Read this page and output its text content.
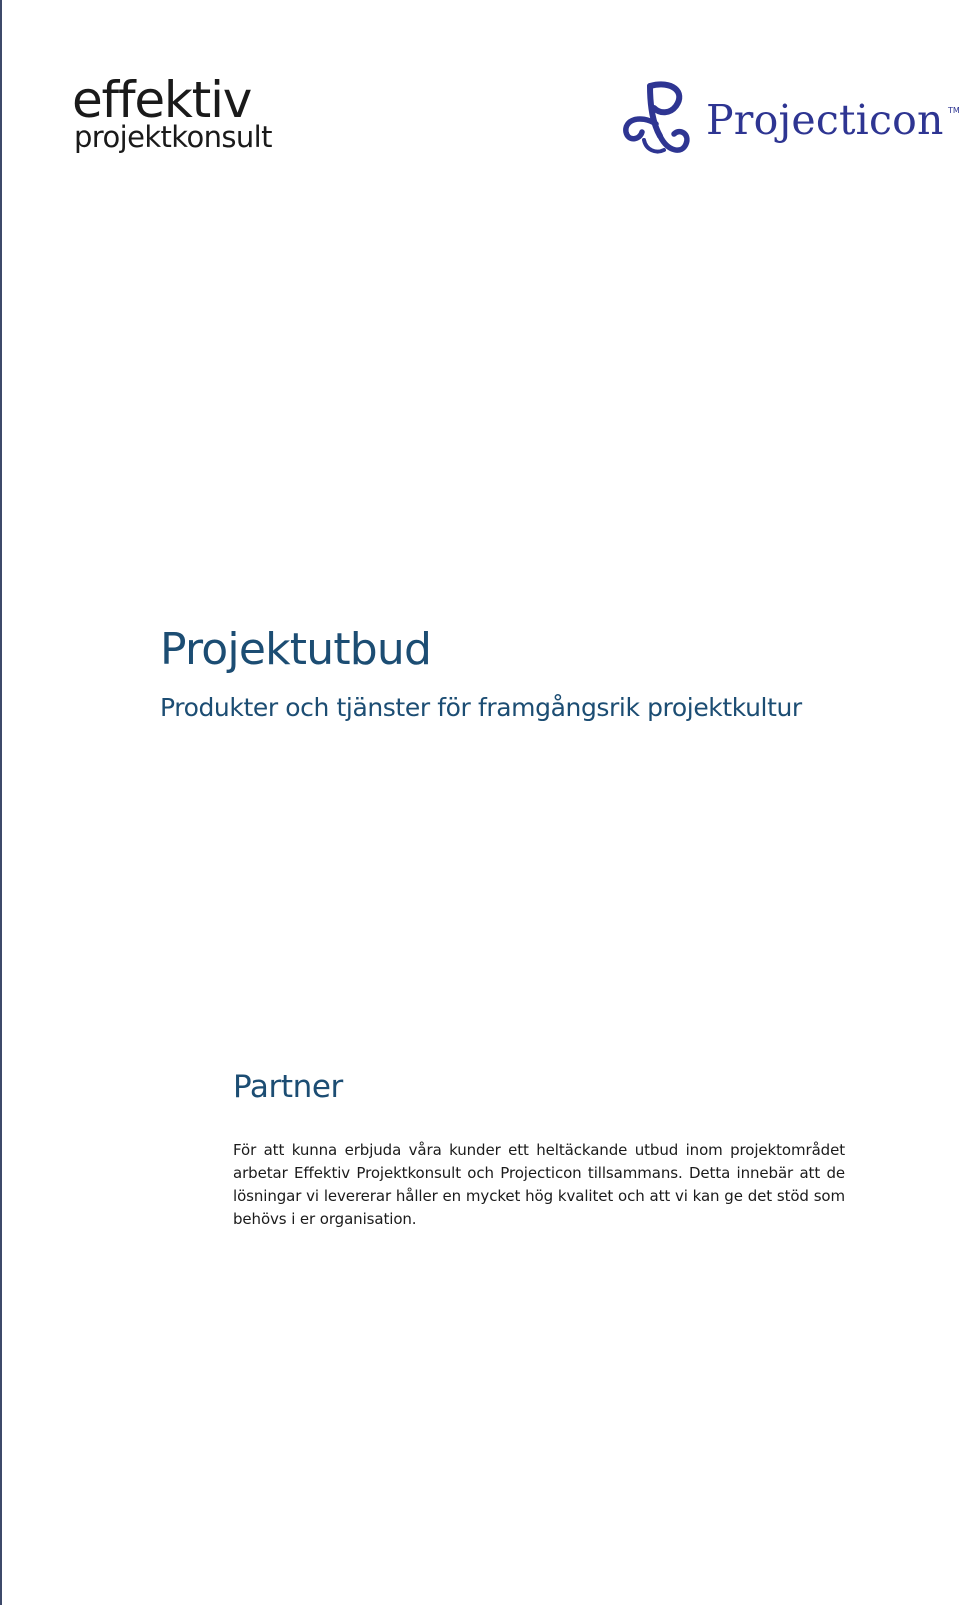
effektiv
projektkonsult	Projecticon TM
Projektutbud
Produkter och tjänster för framgångsrik projektkultur
Partner
För att kunna erbjuda våra kunder ett heltäckande utbud inom projektområdet
arbetar Effektiv Projektkonsult och Projecticon tillsammans. Detta innebär att de
lösningar vi levererar håller en mycket hög kvalitet och att vi kan ge det stöd som
behövs i er organisation.
